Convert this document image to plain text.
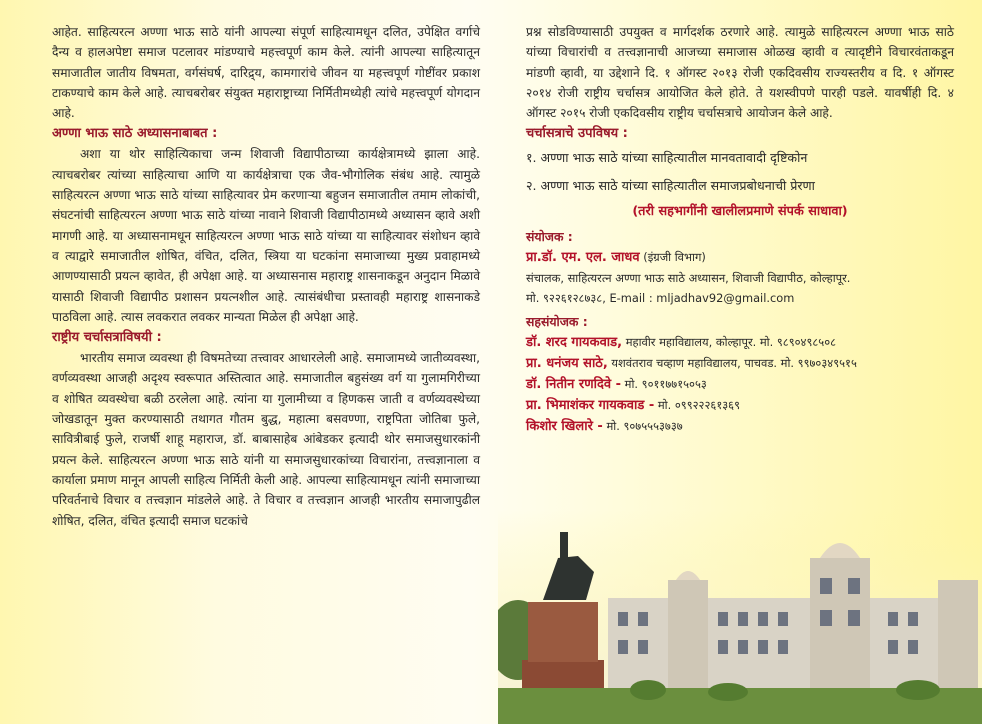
आहेत. साहित्यरत्न अण्णा भाऊ साठे यांनी आपल्या संपूर्ण साहित्यामधून दलित, उपेक्षित वर्गाचे दैन्य व हालअपेष्टा समाज पटलावर मांडण्याचे महत्त्वपूर्ण काम केले. त्यांनी आपल्या साहित्यातून समाजातील जातीय विषमता, वर्गसंघर्ष, दारिद्र्य, कामगारांचे जीवन या महत्त्वपूर्ण गोष्टींवर प्रकाश टाकण्याचे काम केले आहे. त्याचबरोबर संयुक्त महाराष्ट्राच्या निर्मितीमध्येही त्यांचे महत्त्वपूर्ण योगदान आहे.

अण्णा भाऊ साठे अध्यासनाबाबत :

अशा या थोर साहित्यिकाचा जन्म शिवाजी विद्यापीठाच्या कार्यक्षेत्रामध्ये झाला आहे. त्याचबरोबर त्यांच्या साहित्याचा आणि या कार्यक्षेत्राचा एक जैव-भौगोलिक संबंध आहे. त्यामुळे साहित्यरत्न अण्णा भाऊ साठे यांच्या साहित्यावर प्रेम करणाऱ्या बहुजन समाजातील तमाम लोकांची, संघटनांची साहित्यरत्न अण्णा भाऊ साठे यांच्या नावाने शिवाजी विद्यापीठामध्ये अध्यासन व्हावे अशी मागणी आहे. या अध्यासनामधून साहित्यरत्न अण्णा भाऊ साठे यांच्या या साहित्यावर संशोधन व्हावे व त्याद्वारे समाजातील शोषित, वंचित, दलित, स्त्रिया या घटकांना समाजाच्या मुख्य प्रवाहामध्ये आणण्यासाठी प्रयत्न व्हावेत, ही अपेक्षा आहे. या अध्यासनास महाराष्ट्र शासनाकडून अनुदान मिळावे यासाठी शिवाजी विद्यापीठ प्रशासन प्रयत्नशील आहे. त्यासंबंधीचा प्रस्तावही महाराष्ट्र शासनाकडे पाठविला आहे. त्यास लवकरात लवकर मान्यता मिळेल ही अपेक्षा आहे.

राष्ट्रीय चर्चासत्राविषयी :

भारतीय समाज व्यवस्था ही विषमतेच्या तत्त्वावर आधारलेली आहे. समाजामध्ये जातीव्यवस्था, वर्णव्यवस्था आजही अदृश्य स्वरूपात अस्तित्वात आहे. समाजातील बहुसंख्य वर्ग या गुलामगिरीच्या व शोषित व्यवस्थेचा बळी ठरलेला आहे. त्यांना या गुलामीच्या व हिणकस जाती व वर्णव्यवस्थेच्या जोखडातून मुक्त करण्यासाठी तथागत गौतम बुद्ध, महात्मा बसवण्णा, राष्ट्रपिता जोतिबा फुले, सावित्रीबाई फुले, राजर्षी शाहू महाराज, डॉ. बाबासाहेब आंबेडकर इत्यादी थोर समाजसुधारकांनी प्रयत्न केले. साहित्यरत्न अण्णा भाऊ साठे यांनी या समाजसुधारकांच्या विचारांना, तत्त्वज्ञानाला व कार्याला प्रमाण मानून आपली साहित्य निर्मिती केली आहे. आपल्या साहित्यामधून त्यांनी समाजाच्या परिवर्तनाचे विचार व तत्त्वज्ञान मांडलेले आहे. ते विचार व तत्त्वज्ञान आजही भारतीय समाजापुढील शोषित, दलित, वंचित इत्यादी समाज घटकांचे

प्रश्न सोडविण्यासाठी उपयुक्त व मार्गदर्शक ठरणारे आहे. त्यामुळे साहित्यरत्न अण्णा भाऊ साठे यांच्या विचारांची व तत्त्वज्ञानाची आजच्या समाजास ओळख व्हावी व त्यादृष्टीने विचारवंताकडून मांडणी व्हावी, या उद्देशाने दि. १ ऑगस्ट २०१३ रोजी एकदिवसीय राज्यस्तरीय व दि. १ ऑगस्ट २०१४ रोजी राष्ट्रीय चर्चासत्र आयोजित केले होते. ते यशस्वीपणे पारही पडले. यावर्षीही दि. ४ ऑगस्ट २०१५ रोजी एकदिवसीय राष्ट्रीय चर्चासत्राचे आयोजन केले आहे.

चर्चासत्राचे उपविषय :
१. अण्णा भाऊ साठे यांच्या साहित्यातील मानवतावादी दृष्टिकोन
२. अण्णा भाऊ साठे यांच्या साहित्यातील समाजप्रबोधनाची प्रेरणा
(तरी सहभागींनी खालीलप्रमाणे संपर्क साधावा)
संयोजक :
प्रा.डॉ. एम. एल. जाधव (इंग्रजी विभाग)
संचालक, साहित्यरत्न अण्णा भाऊ साठे अध्यासन, शिवाजी विद्यापीठ, कोल्हापूर.
मो. ९२२६१२८७३८, E-mail : mljadhav92@gmail.com
सहसंयोजक :
डॉ. शरद गायकवाड, महावीर महाविद्यालय, कोल्हापूर. मो. ९८९०४९८५०८
प्रा. धनंजय साठे, यशवंतराव चव्हाण महाविद्यालय, पाचवड. मो. ९९७०३४९५१५
डॉ. नितीन रणदिवे - मो. ९०११७७१५०५३
प्रा. भिमाशंकर गायकवाड - मो. ०९९२२२६१३६९
किशोर खिलारे - मो. ९०७५५५३७३७
